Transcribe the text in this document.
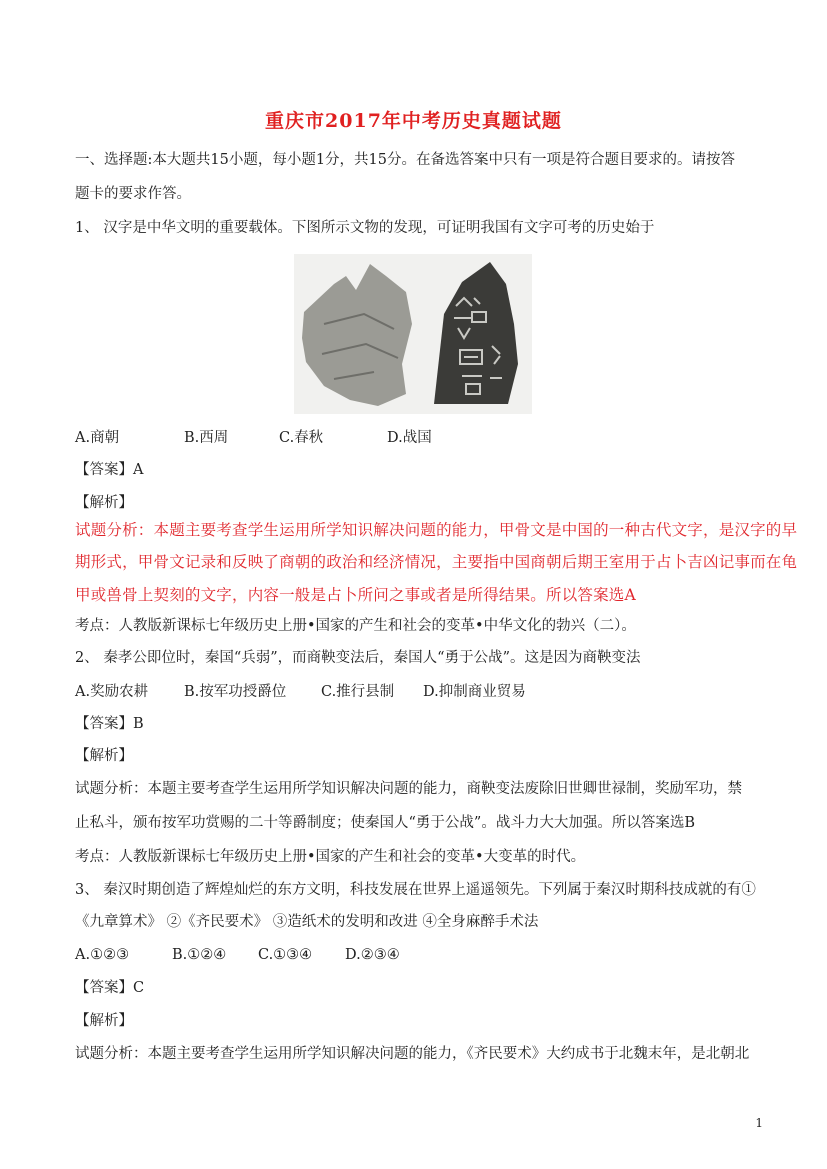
重庆市2017年中考历史真题试题
一、选择题:本大题共15小题，每小题1分，共15分。在备选答案中只有一项是符合题目要求的。请按答
题卡的要求作答。
1、 汉字是中华文明的重要载体。下图所示文物的发现，可证明我国有文字可考的历史始于
A.商朝	B.西周	C.春秋	D.战国
【答案】A
【解析】
试题分析：本题主要考查学生运用所学知识解决问题的能力，甲骨文是中国的一种古代文字，是汉字的早
期形式，甲骨文记录和反映了商朝的政治和经济情况，主要指中国商朝后期王室用于占卜吉凶记事而在龟
甲或兽骨上契刻的文字，内容一般是占卜所问之事或者是所得结果。所以答案选A
考点：人教版新课标七年级历史上册•国家的产生和社会的变革•中华文化的勃兴（二）。
2、 秦孝公即位时，秦国“兵弱”，而商鞅变法后，秦国人“勇于公战”。这是因为商鞅变法
A.奖励农耕 B.按军功授爵位 C.推行县制 D.抑制商业贸易
【答案】B
【解析】
试题分析：本题主要考查学生运用所学知识解决问题的能力，商鞅变法废除旧世卿世禄制，奖励军功，禁
止私斗，颁布按军功赏赐的二十等爵制度；使秦国人“勇于公战”。战斗力大大加强。所以答案选B
考点：人教版新课标七年级历史上册•国家的产生和社会的变革•大变革的时代。
3、 秦汉时期创造了辉煌灿烂的东方文明，科技发展在世界上遥遥领先。下列属于秦汉时期科技成就的有①
《九章算术》 ②《齐民要术》 ③造纸术的发明和改进 ④全身麻醉手术法
A.①②③	B.①②④ C.①③④ D.②③④
【答案】C
【解析】
试题分析：本题主要考查学生运用所学知识解决问题的能力，《齐民要术》大约成书于北魏末年，是北朝北
1
